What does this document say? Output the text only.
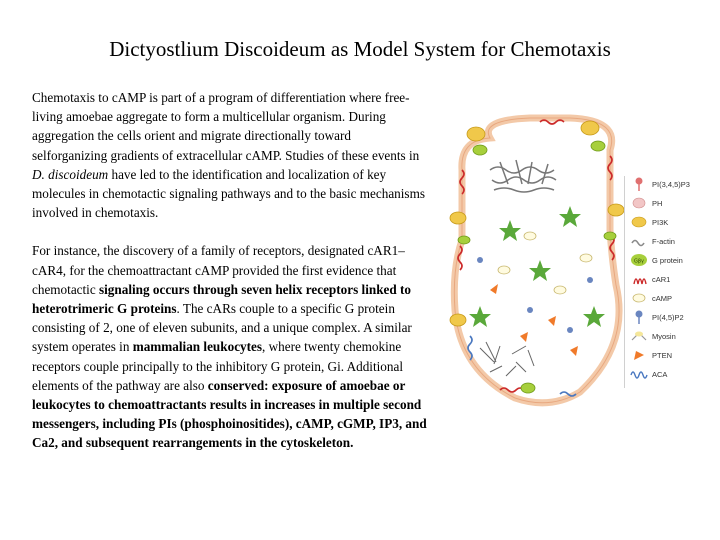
Dictyostlium Discoideum as Model System for Chemotaxis

Chemotaxis to cAMP is part of a program of differentiation where free-living amoebae aggregate to form a multicellular organism. During aggregation the cells orient and migrate directionally toward selforganizing gradients of extracellular cAMP. Studies of these events in D. discoideum have led to the identification and localization of key molecules in chemotactic signaling pathways and to the basic mechanisms involved in chemotaxis.

For instance, the discovery of a family of receptors, designated cAR1–cAR4, for the chemoattractant cAMP provided the first evidence that chemotactic signaling occurs through seven helix receptors linked to heterotrimeric G proteins. The cARs couple to a specific G protein consisting of 2, one of eleven subunits, and a unique complex. A similar system operates in mammalian leukocytes, where twenty chemokine receptors couple principally to the inhibitory G protein, Gi. Additional elements of the pathway are also conserved: exposure of amoebae or leukocytes to chemoattractants results in increases in multiple second messengers, including PIs (phosphoinositides), cAMP, cGMP, IP3, and Ca2, and subsequent rearrangements in the cytoskeleton.

PI(3,4,5)P3
PH
PI3K
F-actin
Gβγ G protein
cAR1
cAMP
PI(4,5)P2
Myosin
PTEN
ACA
